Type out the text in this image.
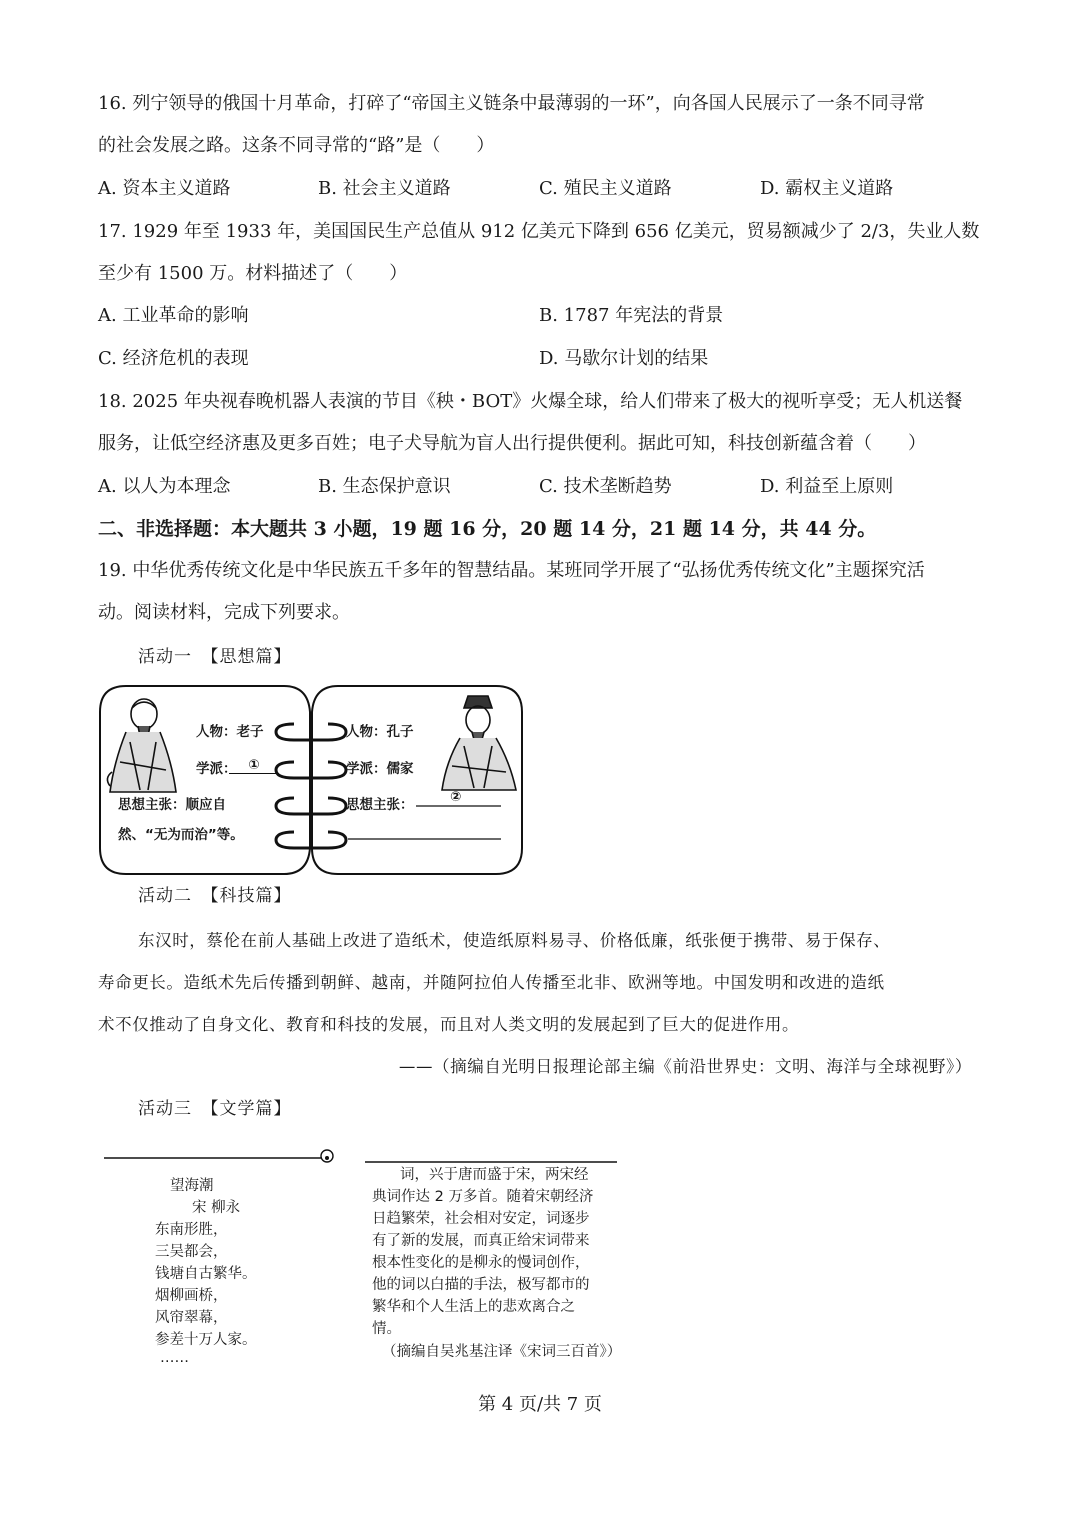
16. 列宁领导的俄国十月革命，打碎了“帝国主义链条中最薄弱的一环”，向各国人民展示了一条不同寻常
的社会发展之路。这条不同寻常的“路”是（　　）
A. 资本主义道路	B. 社会主义道路	C. 殖民主义道路	D. 霸权主义道路
17. 1929 年至 1933 年，美国国民生产总值从 912 亿美元下降到 656 亿美元，贸易额减少了 2/3，失业人数
至少有 1500 万。材料描述了（　　）
A. 工业革命的影响	B. 1787 年宪法的背景
C. 经济危机的表现	D. 马歇尔计划的结果
18. 2025 年央视春晚机器人表演的节目《秧・BOT》火爆全球，给人们带来了极大的视听享受；无人机送餐
服务，让低空经济惠及更多百姓；电子犬导航为盲人出行提供便利。据此可知，科技创新蕴含着（　　）
A. 以人为本理念	B. 生态保护意识	C. 技术垄断趋势	D. 利益至上原则
二、非选择题：本大题共 3 小题，19 题 16 分，20 题 14 分，21 题 14 分，共 44 分。
19. 中华优秀传统文化是中华民族五千多年的智慧结晶。某班同学开展了“弘扬优秀传统文化”主题探究活
动。阅读材料，完成下列要求。
活动一　【思想篇】
人物：老子
学派： ①
思想主张：顺应自
然、“无为而治”等。
人物：孔子
学派：儒家
思想主张：	②
活动二　【科技篇】
东汉时，蔡伦在前人基础上改进了造纸术，使造纸原料易寻、价格低廉，纸张便于携带、易于保存、
寿命更长。造纸术先后传播到朝鲜、越南，并随阿拉伯人传播至北非、欧洲等地。中国发明和改进的造纸
术不仅推动了自身文化、教育和科技的发展，而且对人类文明的发展起到了巨大的促进作用。
——（摘编自光明日报理论部主编《前沿世界史：文明、海洋与全球视野》）
活动三　【文学篇】
望海潮
宋 柳永
东南形胜，
三吴都会，
钱塘自古繁华。
烟柳画桥，
风帘翠幕，
参差十万人家。
……
词，兴于唐而盛于宋，两宋经
典词作达 2 万多首。随着宋朝经济
日趋繁荣，社会相对安定，词逐步
有了新的发展，而真正给宋词带来
根本性变化的是柳永的慢词创作，
他的词以白描的手法，极写都市的
繁华和个人生活上的悲欢离合之
情。
（摘编自吴兆基注译《宋词三百首》）
第 4 页/共 7 页
